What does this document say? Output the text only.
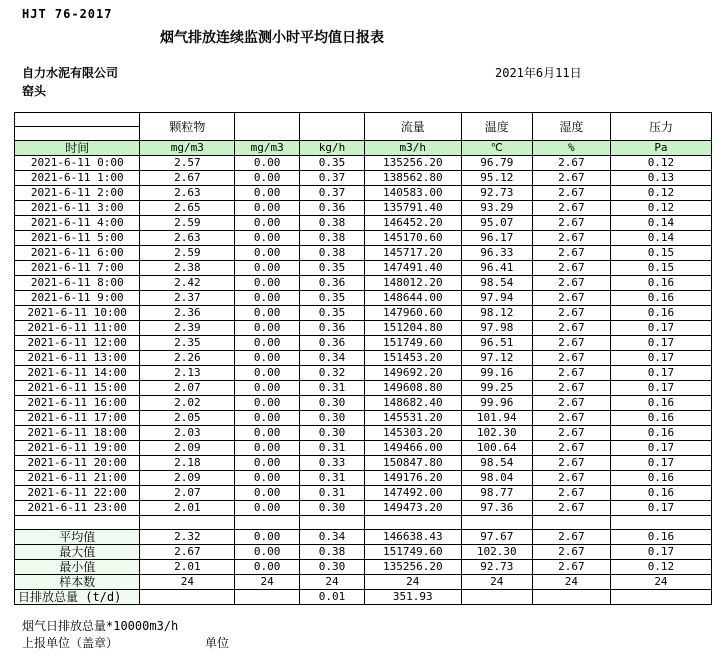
HJT 76-2017
烟气排放连续监测小时平均值日报表
自力水泥有限公司	2021年6月11日
窑头
	颗粒物			流量	温度	湿度	压力

时间	mg/m3	mg/m3	kg/h	m3/h	℃	%	Pa
2021-6-11 0:00	2.57	0.00	0.35	135256.20	96.79	2.67	0.12
2021-6-11 1:00	2.67	0.00	0.37	138562.80	95.12	2.67	0.13
2021-6-11 2:00	2.63	0.00	0.37	140583.00	92.73	2.67	0.12
2021-6-11 3:00	2.65	0.00	0.36	135791.40	93.29	2.67	0.12
2021-6-11 4:00	2.59	0.00	0.38	146452.20	95.07	2.67	0.14
2021-6-11 5:00	2.63	0.00	0.38	145170.60	96.17	2.67	0.14
2021-6-11 6:00	2.59	0.00	0.38	145717.20	96.33	2.67	0.15
2021-6-11 7:00	2.38	0.00	0.35	147491.40	96.41	2.67	0.15
2021-6-11 8:00	2.42	0.00	0.36	148012.20	98.54	2.67	0.16
2021-6-11 9:00	2.37	0.00	0.35	148644.00	97.94	2.67	0.16
2021-6-11 10:00	2.36	0.00	0.35	147960.60	98.12	2.67	0.16
2021-6-11 11:00	2.39	0.00	0.36	151204.80	97.98	2.67	0.17
2021-6-11 12:00	2.35	0.00	0.36	151749.60	96.51	2.67	0.17
2021-6-11 13:00	2.26	0.00	0.34	151453.20	97.12	2.67	0.17
2021-6-11 14:00	2.13	0.00	0.32	149692.20	99.16	2.67	0.17
2021-6-11 15:00	2.07	0.00	0.31	149608.80	99.25	2.67	0.17
2021-6-11 16:00	2.02	0.00	0.30	148682.40	99.96	2.67	0.16
2021-6-11 17:00	2.05	0.00	0.30	145531.20	101.94	2.67	0.16
2021-6-11 18:00	2.03	0.00	0.30	145303.20	102.30	2.67	0.16
2021-6-11 19:00	2.09	0.00	0.31	149466.00	100.64	2.67	0.17
2021-6-11 20:00	2.18	0.00	0.33	150847.80	98.54	2.67	0.17
2021-6-11 21:00	2.09	0.00	0.31	149176.20	98.04	2.67	0.16
2021-6-11 22:00	2.07	0.00	0.31	147492.00	98.77	2.67	0.16
2021-6-11 23:00	2.01	0.00	0.30	149473.20	97.36	2.67	0.17

平均值	2.32	0.00	0.34	146638.43	97.67	2.67	0.16
最大值	2.67	0.00	0.38	151749.60	102.30	2.67	0.17
最小值	2.01	0.00	0.30	135256.20	92.73	2.67	0.12
样本数	24	24	24	24	24	24	24
日排放总量 (t/d)			0.01	351.93			
烟气日排放总量*10000m3/h
上报单位（盖章）	单位
